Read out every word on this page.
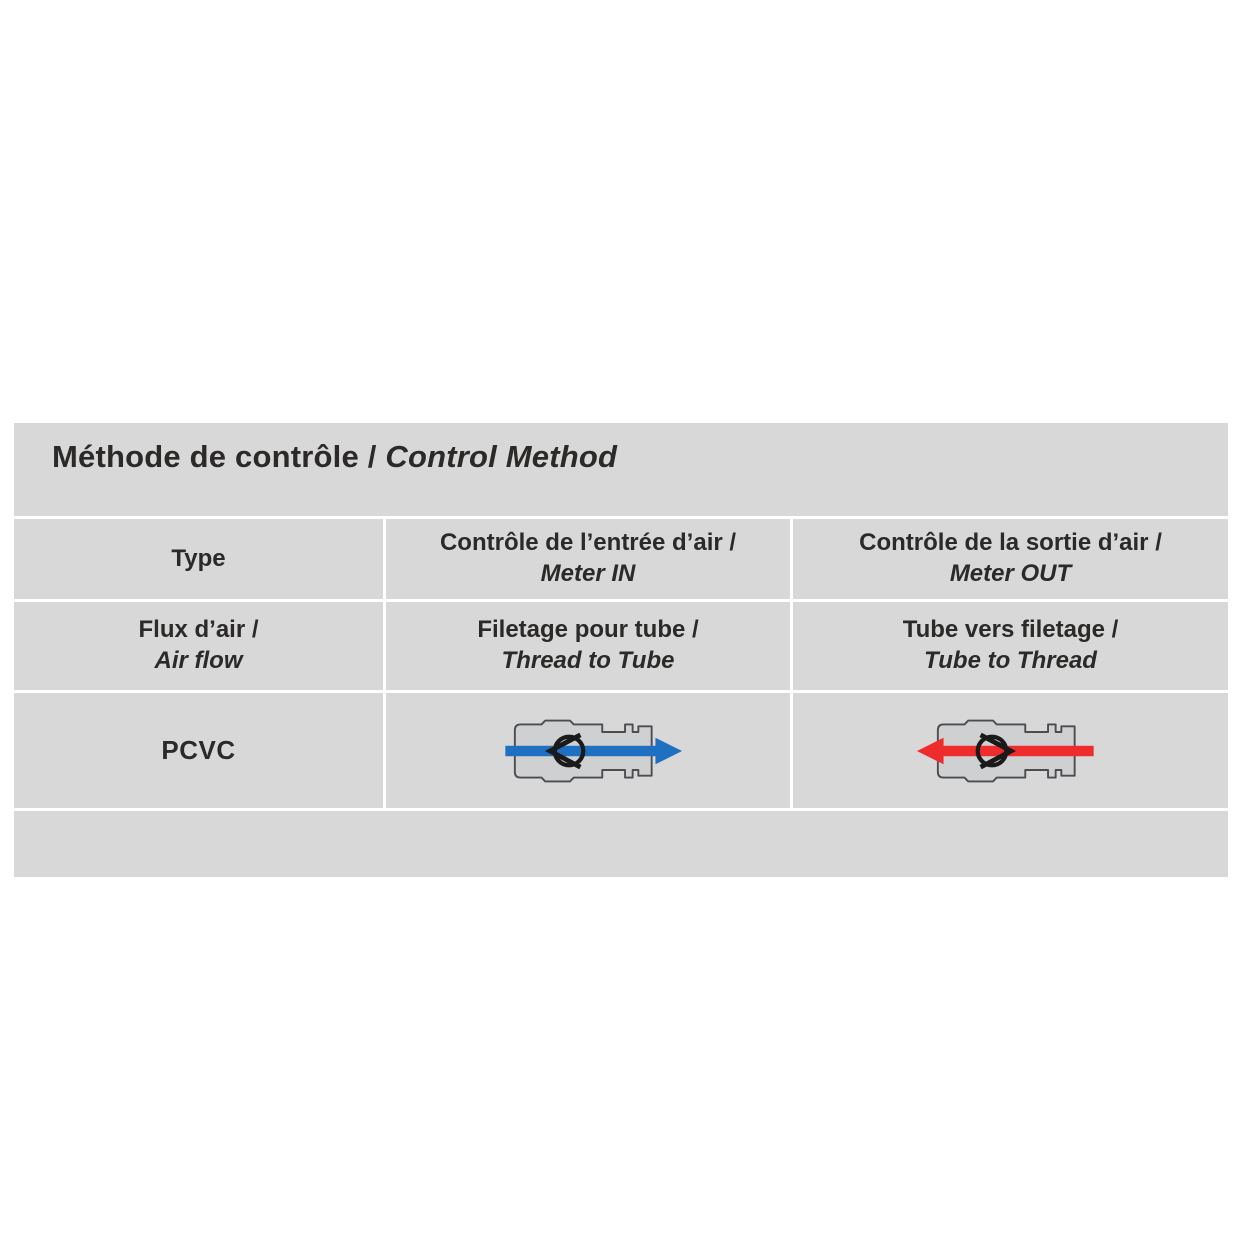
Méthode de contrôle / Control Method
Type
Contrôle de l’entrée d’air /
Meter IN
Contrôle de la sortie d’air /
Meter OUT
Flux d’air /
Air flow
Filetage pour tube /
Thread to Tube
Tube vers filetage /
Tube to Thread
PCVC
